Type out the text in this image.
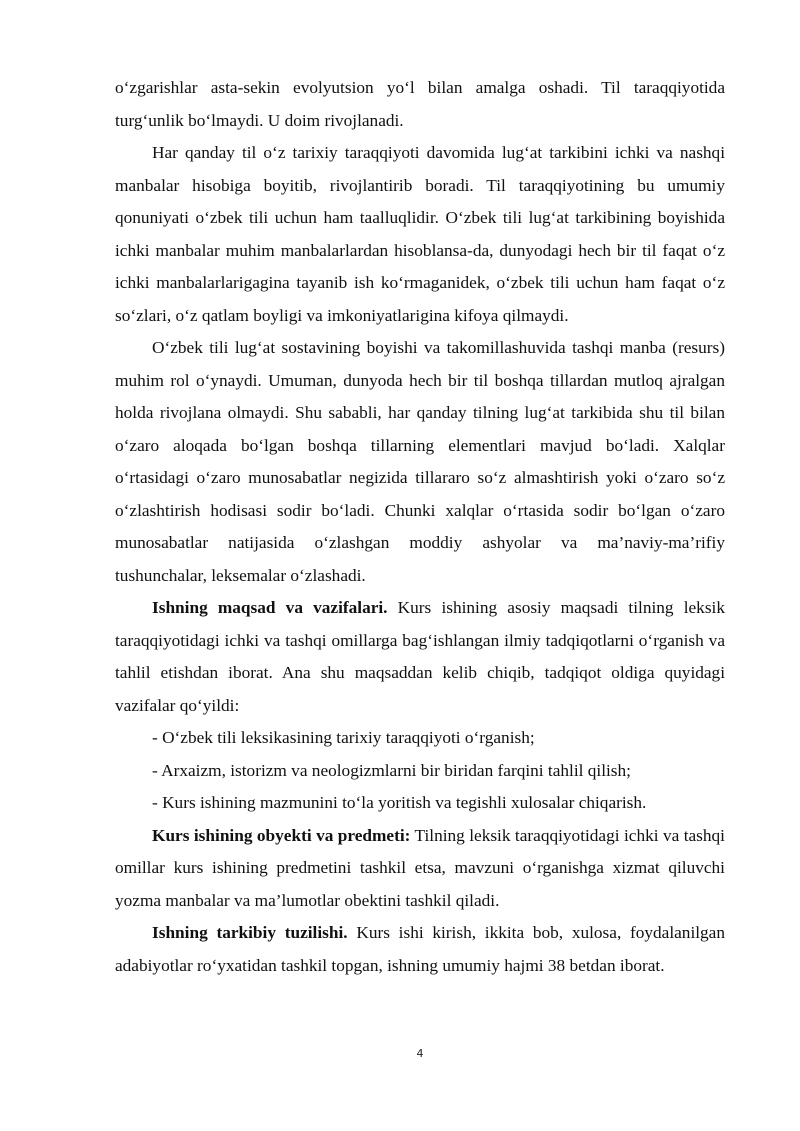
o‘zgarishlar asta-sekin evolyutsion yo‘l bilan amalga oshadi. Til taraqqiyotida turg‘unlik bo‘lmaydi. U doim rivojlanadi.

Har qanday til o‘z tarixiy taraqqiyoti davomida lug‘at tarkibini ichki va nashqi manbalar hisobiga boyitib, rivojlantirib boradi. Til taraqqiyotining bu umumiy qonuniyati o‘zbek tili uchun ham taalluqlidir. O‘zbek tili lug‘at tarkibining boyishida ichki manbalar muhim manbalarlardan hisoblansa-da, dunyodagi hech bir til faqat o‘z ichki manbalarlarigagina tayanib ish ko‘rmaganidek, o‘zbek tili uchun ham faqat o‘z so‘zlari, o‘z qatlam boyligi va imkoniyatlarigina kifoya qilmaydi.

O‘zbek tili lug‘at sostavining boyishi va takomillashuvida tashqi manba (resurs) muhim rol o‘ynaydi. Umuman, dunyoda hech bir til boshqa tillardan mutloq ajralgan holda rivojlana olmaydi. Shu sababli, har qanday tilning lug‘at tarkibida shu til bilan o‘zaro aloqada bo‘lgan boshqa tillarning elementlari mavjud bo‘ladi. Xalqlar o‘rtasidagi o‘zaro munosabatlar negizida tillararo so‘z almashtirish yoki o‘zaro so‘z o‘zlashtirish hodisasi sodir bo‘ladi. Chunki xalqlar o‘rtasida sodir bo‘lgan o‘zaro munosabatlar natijasida o‘zlashgan moddiy ashyolar va ma’naviy-ma’rifiy tushunchalar, leksemalar o‘zlashadi.

Ishning maqsad va vazifalari. Kurs ishining asosiy maqsadi tilning leksik taraqqiyotidagi ichki va tashqi omillarga bag‘ishlangan ilmiy tadqiqotlarni o‘rganish va tahlil etishdan iborat. Ana shu maqsaddan kelib chiqib, tadqiqot oldiga quyidagi vazifalar qo‘yildi:

- O‘zbek tili leksikasining tarixiy taraqqiyoti o‘rganish;

- Arxaizm, istorizm va neologizmlarni bir biridan farqini tahlil qilish;

- Kurs ishining mazmunini to‘la yoritish va tegishli xulosalar chiqarish.

Kurs ishining obyekti va predmeti: Tilning leksik taraqqiyotidagi ichki va tashqi omillar kurs ishining predmetini tashkil etsa, mavzuni o‘rganishga xizmat qiluvchi yozma manbalar va ma’lumotlar obektini tashkil qiladi.

Ishning tarkibiy tuzilishi. Kurs ishi kirish, ikkita bob, xulosa, foydalanilgan adabiyotlar ro‘yxatidan tashkil topgan, ishning umumiy hajmi 38 betdan iborat.

4
